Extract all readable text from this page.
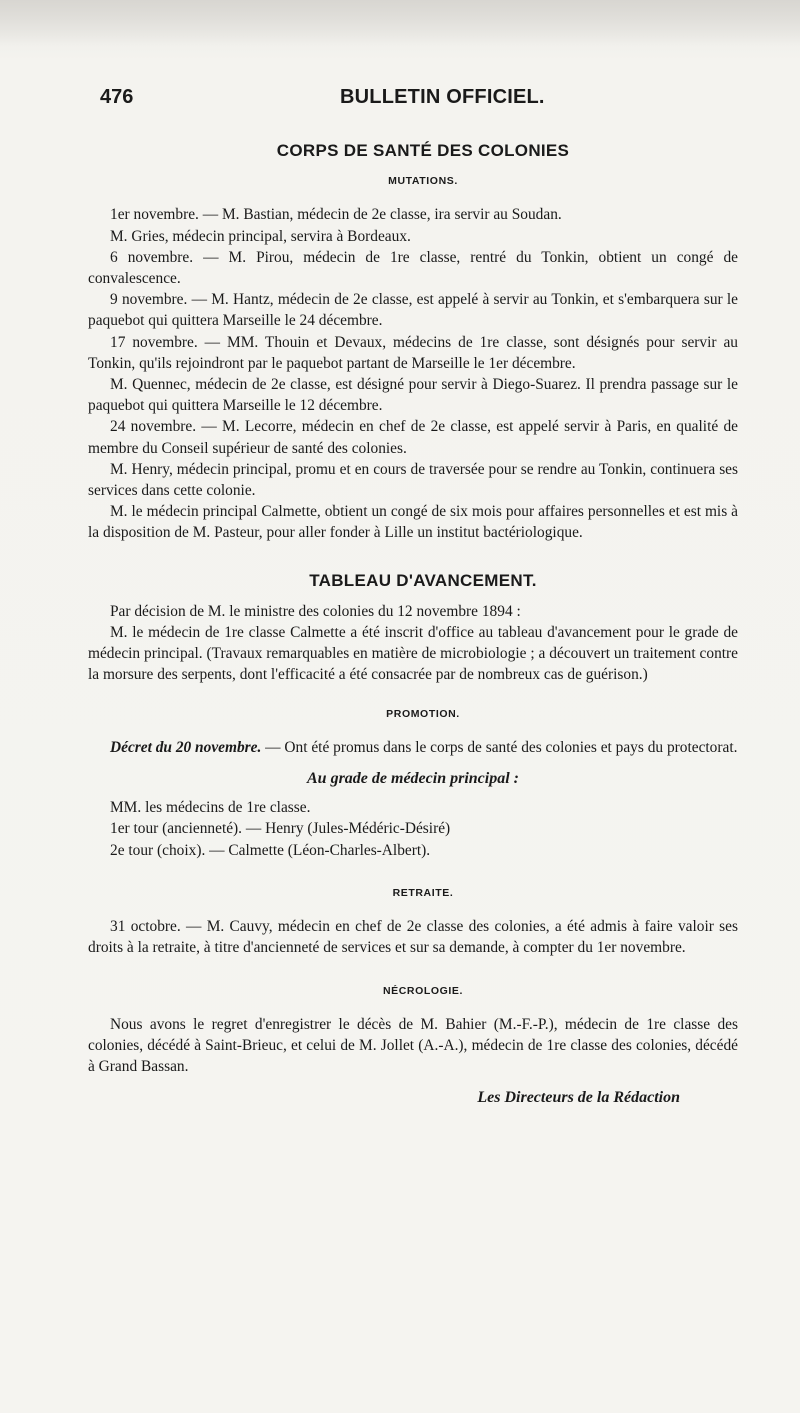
476	BULLETIN OFFICIEL.
CORPS DE SANTÉ DES COLONIES
MUTATIONS.

1er novembre. — M. Bastian, médecin de 2e classe, ira servir au Soudan.

M. Gries, médecin principal, servira à Bordeaux.

6 novembre. — M. Pirou, médecin de 1re classe, rentré du Tonkin, obtient un congé de convalescence.

9 novembre. — M. Hantz, médecin de 2e classe, est appelé à servir au Tonkin, et s'embarquera sur le paquebot qui quittera Marseille le 24 décembre.

17 novembre. — MM. Thouin et Devaux, médecins de 1re classe, sont désignés pour servir au Tonkin, qu'ils rejoindront par le paquebot partant de Marseille le 1er décembre.

M. Quennec, médecin de 2e classe, est désigné pour servir à Diego-Suarez. Il prendra passage sur le paquebot qui quittera Marseille le 12 décembre.

24 novembre. — M. Lecorre, médecin en chef de 2e classe, est appelé servir à Paris, en qualité de membre du Conseil supérieur de santé des colonies.

M. Henry, médecin principal, promu et en cours de traversée pour se rendre au Tonkin, continuera ses services dans cette colonie.

M. le médecin principal Calmette, obtient un congé de six mois pour affaires personnelles et est mis à la disposition de M. Pasteur, pour aller fonder à Lille un institut bactériologique.

TABLEAU D'AVANCEMENT.

Par décision de M. le ministre des colonies du 12 novembre 1894 :

M. le médecin de 1re classe Calmette a été inscrit d'office au tableau d'avancement pour le grade de médecin principal. (Travaux remarquables en matière de microbiologie ; a découvert un traitement contre la morsure des serpents, dont l'efficacité a été consacrée par de nombreux cas de guérison.)

PROMOTION.

Décret du 20 novembre. — Ont été promus dans le corps de santé des colonies et pays du protectorat.

Au grade de médecin principal :

MM. les médecins de 1re classe.

1er tour (ancienneté). — Henry (Jules-Médéric-Désiré)

2e tour (choix). — Calmette (Léon-Charles-Albert).

RETRAITE.

31 octobre. — M. Cauvy, médecin en chef de 2e classe des colonies, a été admis à faire valoir ses droits à la retraite, à titre d'ancienneté de services et sur sa demande, à compter du 1er novembre.

NÉCROLOGIE.

Nous avons le regret d'enregistrer le décès de M. Bahier (M.-F.-P.), médecin de 1re classe des colonies, décédé à Saint-Brieuc, et celui de M. Jollet (A.-A.), médecin de 1re classe des colonies, décédé à Grand Bassan.

Les Directeurs de la Rédaction
